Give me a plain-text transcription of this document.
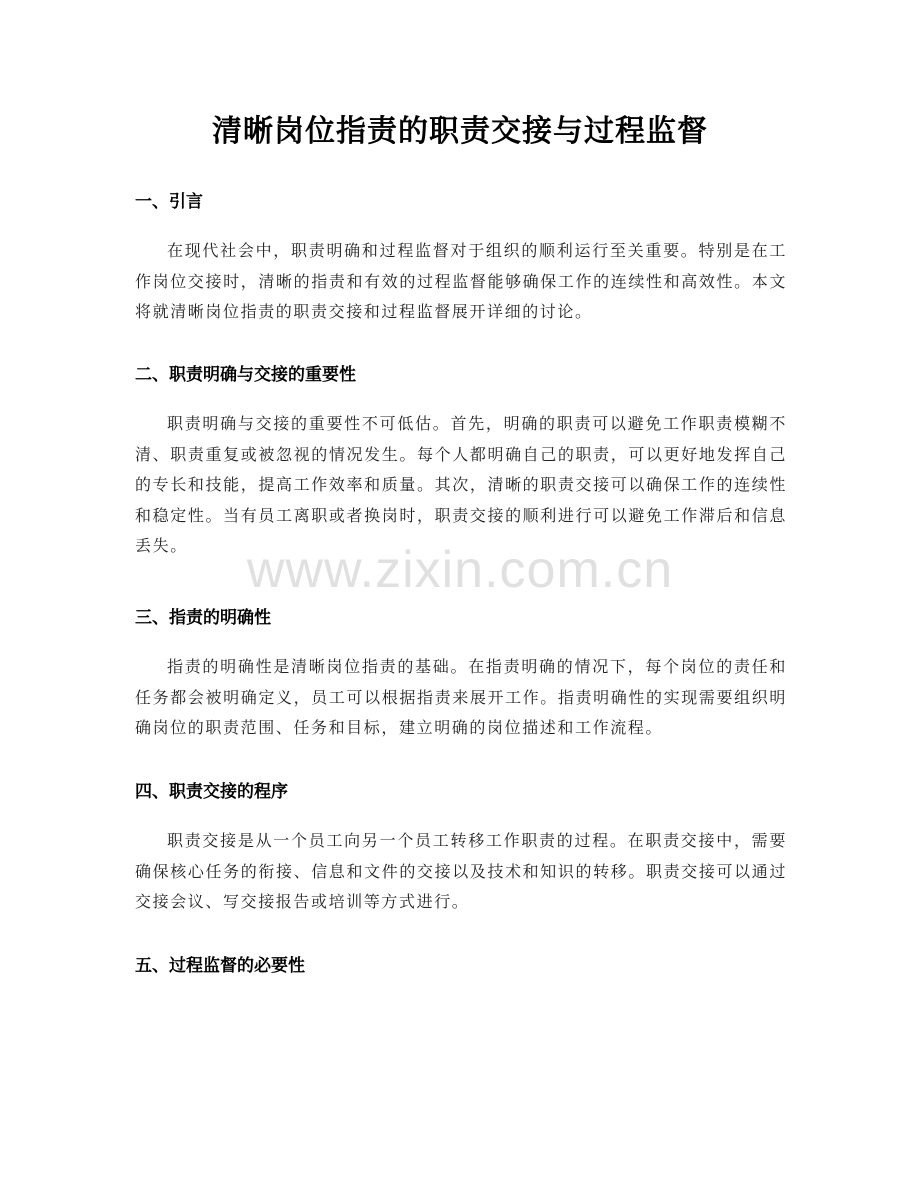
清晰岗位指责的职责交接与过程监督
一、引言

在现代社会中，职责明确和过程监督对于组织的顺利运行至关重要。特别是在工作岗位交接时，清晰的指责和有效的过程监督能够确保工作的连续性和高效性。本文将就清晰岗位指责的职责交接和过程监督展开详细的讨论。

二、职责明确与交接的重要性

职责明确与交接的重要性不可低估。首先，明确的职责可以避免工作职责模糊不清、职责重复或被忽视的情况发生。每个人都明确自己的职责，可以更好地发挥自己的专长和技能，提高工作效率和质量。其次，清晰的职责交接可以确保工作的连续性和稳定性。当有员工离职或者换岗时，职责交接的顺利进行可以避免工作滞后和信息丢失。

三、指责的明确性

指责的明确性是清晰岗位指责的基础。在指责明确的情况下，每个岗位的责任和任务都会被明确定义，员工可以根据指责来展开工作。指责明确性的实现需要组织明确岗位的职责范围、任务和目标，建立明确的岗位描述和工作流程。

四、职责交接的程序

职责交接是从一个员工向另一个员工转移工作职责的过程。在职责交接中，需要确保核心任务的衔接、信息和文件的交接以及技术和知识的转移。职责交接可以通过交接会议、写交接报告或培训等方式进行。

五、过程监督的必要性
www.zixin.com.cn
